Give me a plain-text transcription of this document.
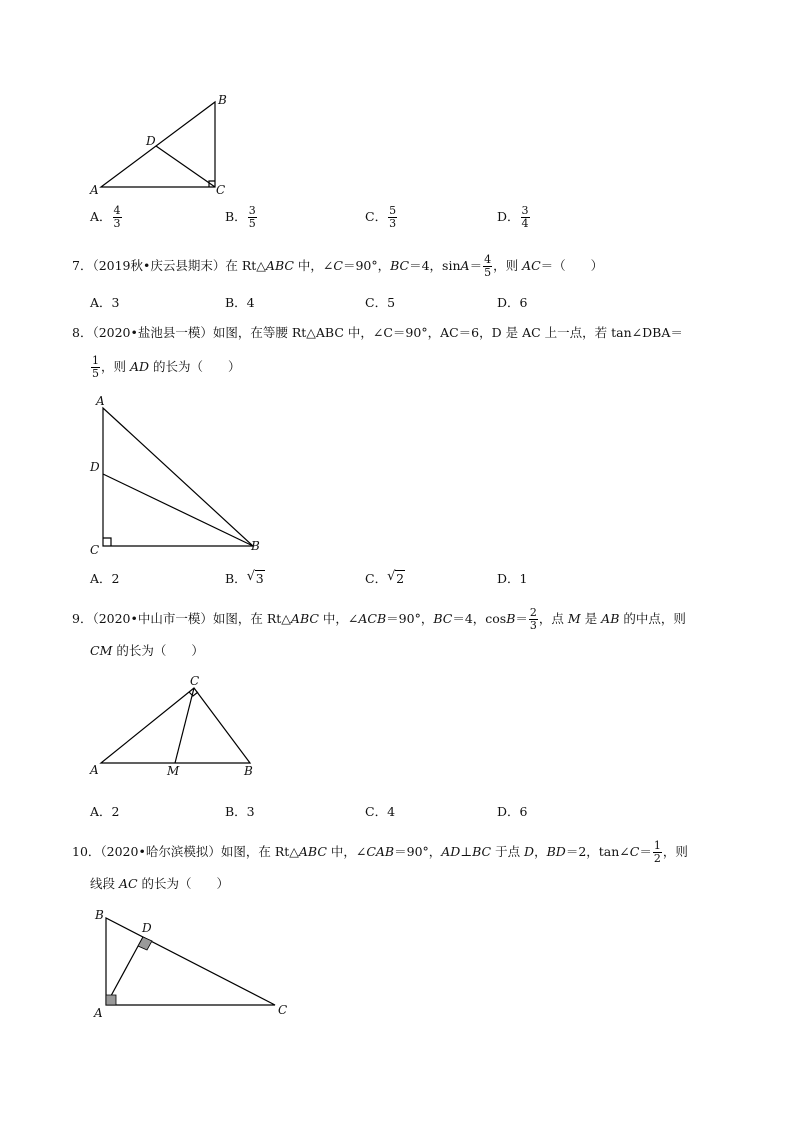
B
D
A	C
A． $\frac{4}{3}$	B． $\frac{3}{5}$	C． $\frac{5}{3}$	D． $\frac{3}{4}$
7．（2019秋•庆云县期末）在 Rt△ABC 中，∠C＝90°，BC＝4，$\sin A= \frac{4}{5}$ ，则 AC＝（　　）
A．3	B．4	C．5	D．6
8．（2020•盐池县一模）如图，在等腰 Rt△ABC 中，∠C＝90°，AC＝6，D 是 AC 上一点，若 tan∠DBA＝
$\frac{1}{5}$ ，则 AD 的长为（　　）
A
D
C	B
A．2	B． √ 3	C． √ 2	D．1
9．（2020•中山市一模）如图，在 Rt△ABC 中，∠ACB＝90°，BC＝4，$\cos B= \frac{2}{3}$ ，点 M 是 AB 的中点，则
CM 的长为（　　）
C
A	M	B
A．2	B．3	C．4	D．6
10．（2020•哈尔滨模拟）如图，在 Rt△ABC 中，∠CAB＝90°，AD⊥BC 于点 D，BD＝2，tan∠C＝ $\frac{1}{2}$ ，则
线段 AC 的长为（　　）
B
D
A	C
